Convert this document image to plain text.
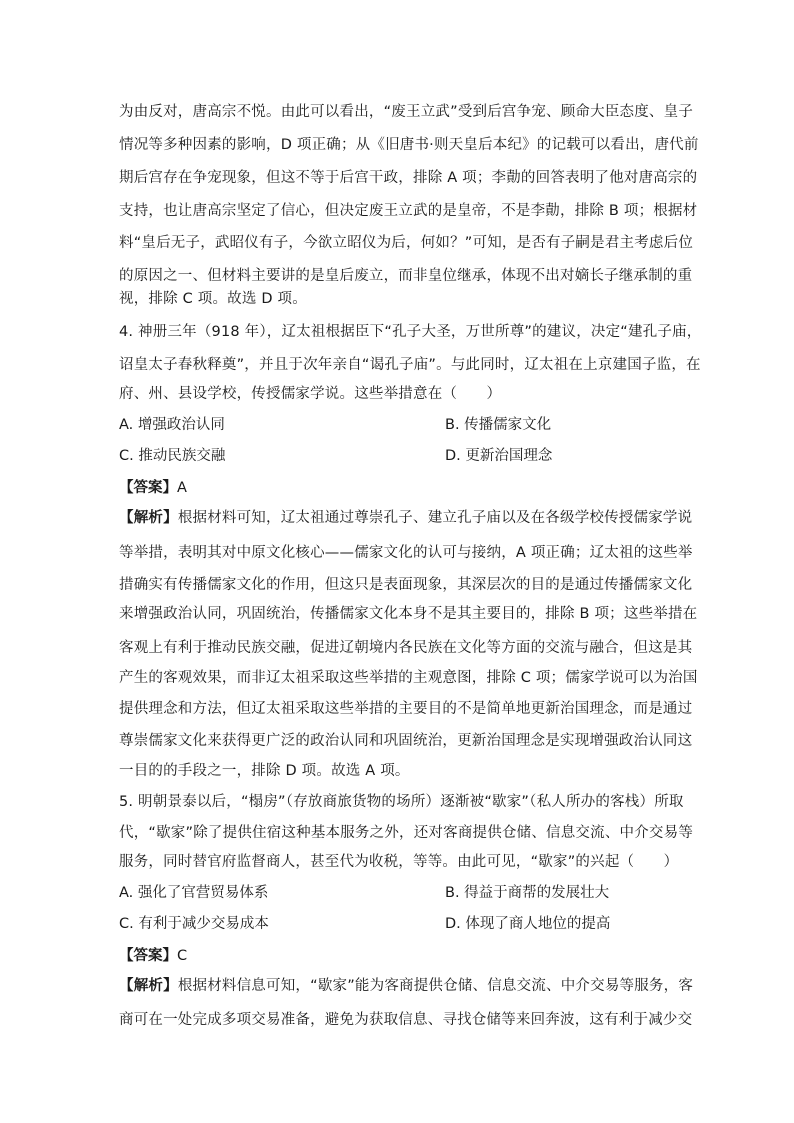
为由反对，唐高宗不悦。由此可以看出，“废王立武”受到后宫争宠、顾命大臣态度、皇子
情况等多种因素的影响，D 项正确；从《旧唐书·则天皇后本纪》的记载可以看出，唐代前
期后宫存在争宠现象，但这不等于后宫干政，排除 A 项；李勣的回答表明了他对唐高宗的
支持，也让唐高宗坚定了信心，但决定废王立武的是皇帝，不是李勣，排除 B 项；根据材
料“皇后无子，武昭仪有子，今欲立昭仪为后，何如？”可知，是否有子嗣是君主考虑后位
的原因之一、但材料主要讲的是皇后废立，而非皇位继承，体现不出对嫡长子继承制的重
视，排除 C 项。故选 D 项。
4. 神册三年（918 年），辽太祖根据臣下“孔子大圣，万世所尊”的建议，决定“建孔子庙，
诏皇太子春秋释奠”，并且于次年亲自“谒孔子庙”。与此同时，辽太祖在上京建国子监，在
府、州、县设学校，传授儒家学说。这些举措意在（　　）
A. 增强政治认同	B. 传播儒家文化
C. 推动民族交融	D. 更新治国理念
【答案】A
【解析】根据材料可知，辽太祖通过尊崇孔子、建立孔子庙以及在各级学校传授儒家学说
等举措，表明其对中原文化核心——儒家文化的认可与接纳，A 项正确；辽太祖的这些举
措确实有传播儒家文化的作用，但这只是表面现象，其深层次的目的是通过传播儒家文化
来增强政治认同，巩固统治，传播儒家文化本身不是其主要目的，排除 B 项；这些举措在
客观上有利于推动民族交融，促进辽朝境内各民族在文化等方面的交流与融合，但这是其
产生的客观效果，而非辽太祖采取这些举措的主观意图，排除 C 项；儒家学说可以为治国
提供理念和方法，但辽太祖采取这些举措的主要目的不是简单地更新治国理念，而是通过
尊崇儒家文化来获得更广泛的政治认同和巩固统治，更新治国理念是实现增强政治认同这
一目的的手段之一，排除 D 项。故选 A 项。
5. 明朝景泰以后，“榻房”（存放商旅货物的场所）逐渐被“歇家”（私人所办的客栈）所取
代，“歇家”除了提供住宿这种基本服务之外，还对客商提供仓储、信息交流、中介交易等
服务，同时替官府监督商人，甚至代为收税，等等。由此可见，“歇家”的兴起（　　）
A. 强化了官营贸易体系	B. 得益于商帮的发展壮大
C. 有利于减少交易成本	D. 体现了商人地位的提高
【答案】C
【解析】根据材料信息可知，“歇家”能为客商提供仓储、信息交流、中介交易等服务，客
商可在一处完成多项交易准备，避免为获取信息、寻找仓储等来回奔波，这有利于减少交
